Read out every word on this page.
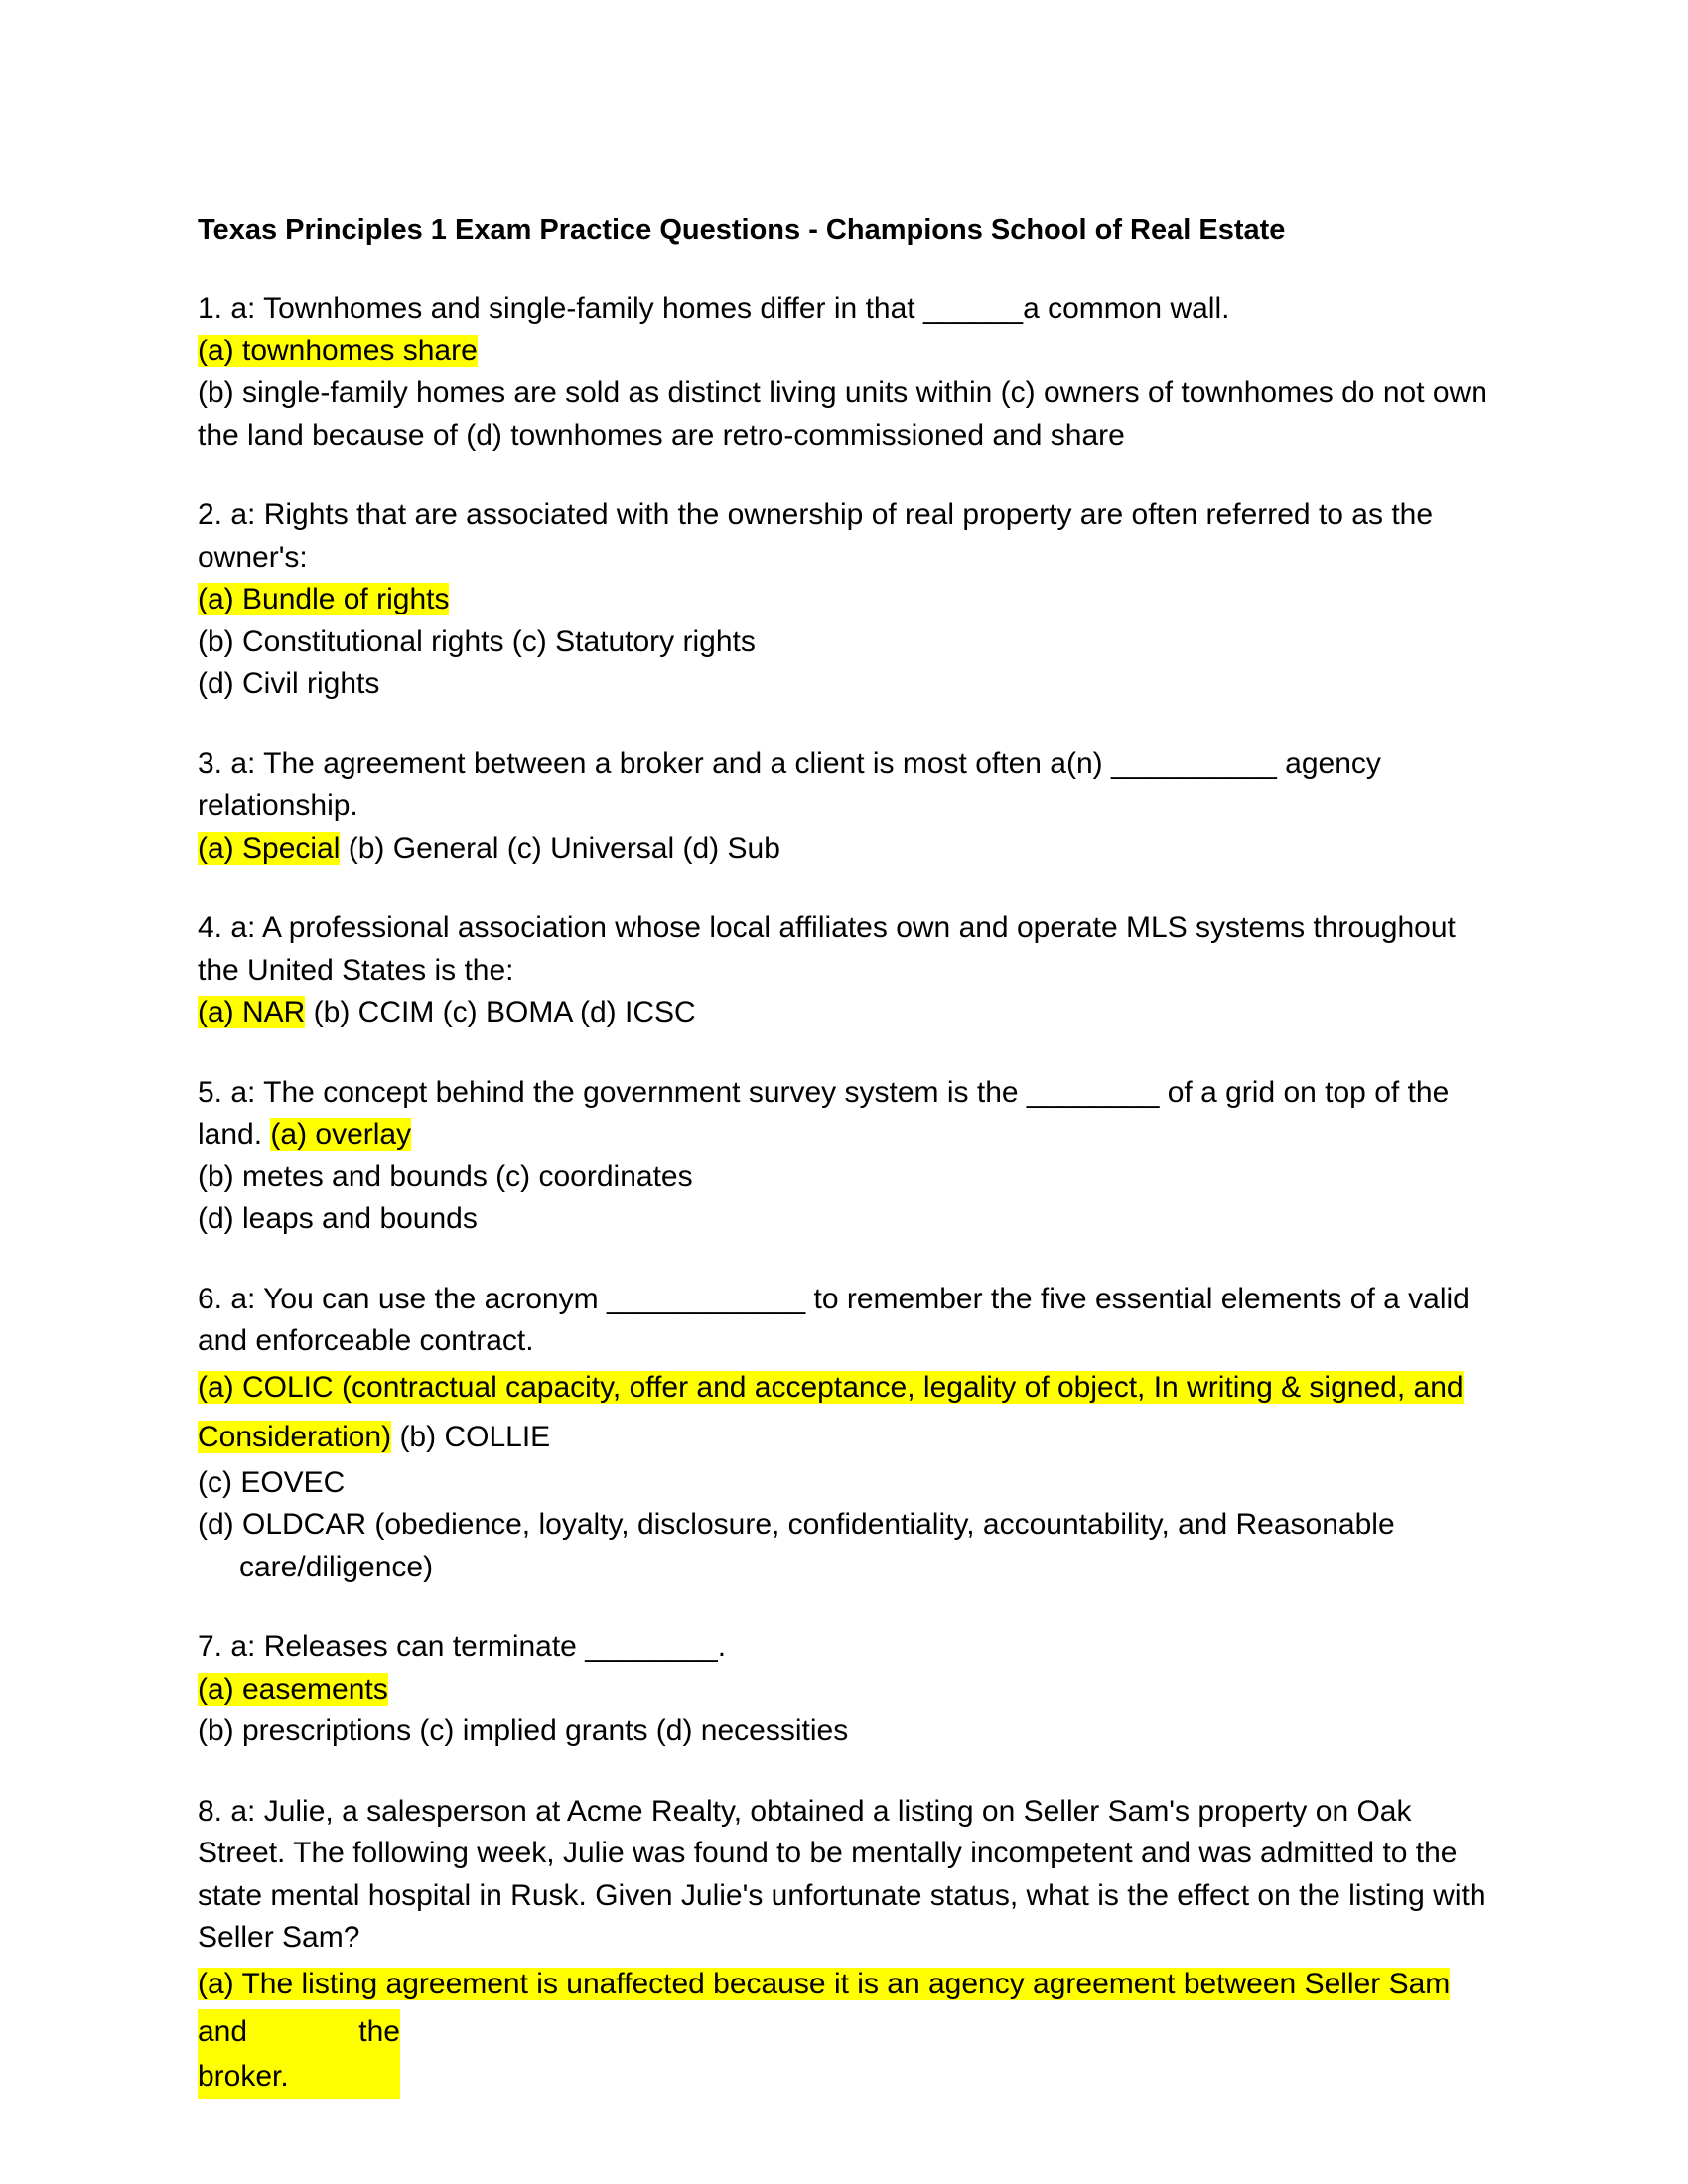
Texas Principles 1 Exam Practice Questions - Champions School of Real Estate

1. a: Townhomes and single-family homes differ in that ______a common wall.

(a) townhomes share

(b) single-family homes are sold as distinct living units within (c) owners of townhomes do not own the land because of (d) townhomes are retro-commissioned and share

2. a: Rights that are associated with the ownership of real property are often referred to as the owner's:

(a) Bundle of rights

(b) Constitutional rights (c) Statutory rights

(d) Civil rights

3. a: The agreement between a broker and a client is most often a(n) __________ agency relationship.

(a) Special (b) General (c) Universal (d) Sub

4. a: A professional association whose local affiliates own and operate MLS systems throughout the United States is the:

(a) NAR (b) CCIM (c) BOMA (d) ICSC

5. a: The concept behind the government survey system is the ________ of a grid on top of the land. (a) overlay

(b) metes and bounds (c) coordinates

(d) leaps and bounds

6. a: You can use the acronym ____________ to remember the five essential elements of a valid and enforceable contract.

(a) COLIC (contractual capacity, offer and acceptance, legality of object, In writing & signed, and Consideration) (b) COLLIE

(c) EOVEC

(d) OLDCAR (obedience, loyalty, disclosure, confidentiality, accountability, and Reasonable care/diligence)

7. a: Releases can terminate ________.

(a) easements

(b) prescriptions (c) implied grants (d) necessities

8. a: Julie, a salesperson at Acme Realty, obtained a listing on Seller Sam's property on Oak Street. The following week, Julie was found to be mentally incompetent and was admitted to the state mental hospital in Rusk. Given Julie's unfortunate status, what is the effect on the listing with Seller Sam?

(a) The listing agreement is unaffected because it is an agency agreement between Seller Sam

and	the

broker.
